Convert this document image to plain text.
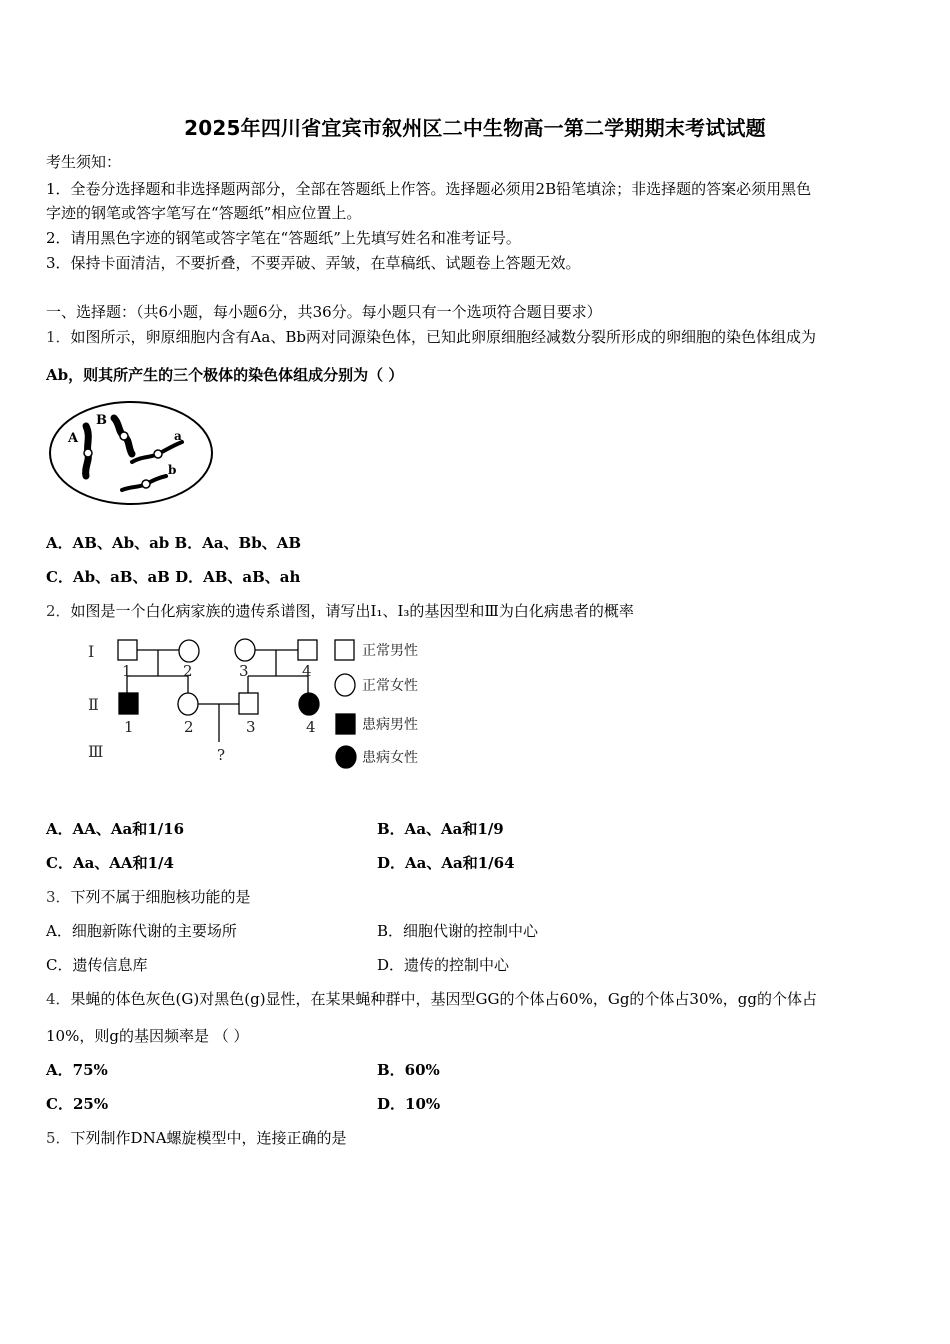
2025年四川省宜宾市叙州区二中生物高一第二学期期末考试试题
考生须知：
1．全卷分选择题和非选择题两部分，全部在答题纸上作答。选择题必须用2B铅笔填涂；非选择题的答案必须用黑色
字迹的钢笔或答字笔写在“答题纸”相应位置上。
2．请用黑色字迹的钢笔或答字笔在“答题纸”上先填写姓名和准考证号。
3．保持卡面清洁，不要折叠，不要弄破、弄皱，在草稿纸、试题卷上答题无效。
一、选择题：（共6小题，每小题6分，共36分。每小题只有一个选项符合题目要求）
1．如图所示，卵原细胞内含有Aa、Bb两对同源染色体，已知此卵原细胞经减数分裂所形成的卵细胞的染色体组成为
Ab，则其所产生的三个极体的染色体组成分别为（ ）
A
B
a
b
A．AB、Ab、ab B．Aa、Bb、AB
C．Ab、aB、aB D．AB、aB、ah
2．如图是一个白化病家族的遗传系谱图，请写出Ⅰ₁、Ⅰ₃的基因型和Ⅲ为白化病患者的概率
Ⅰ
Ⅱ
Ⅲ
1	2	3	4
1	2	3	4
?
正常男性
正常女性
患病男性
患病女性
A．AA、Aa和1/16	B．Aa、Aa和1/9
C．Aa、AA和1/4	D．Aa、Aa和1/64
3．下列不属于细胞核功能的是
A．细胞新陈代谢的主要场所	B．细胞代谢的控制中心
C．遗传信息库	D．遗传的控制中心
4．果蝇的体色灰色(G)对黑色(g)显性，在某果蝇种群中，基因型GG的个体占60%，Gg的个体占30%，gg的个体占
10%，则g的基因频率是 （ ）
A．75%	B．60%
C．25%	D．10%
5．下列制作DNA螺旋模型中，连接正确的是
